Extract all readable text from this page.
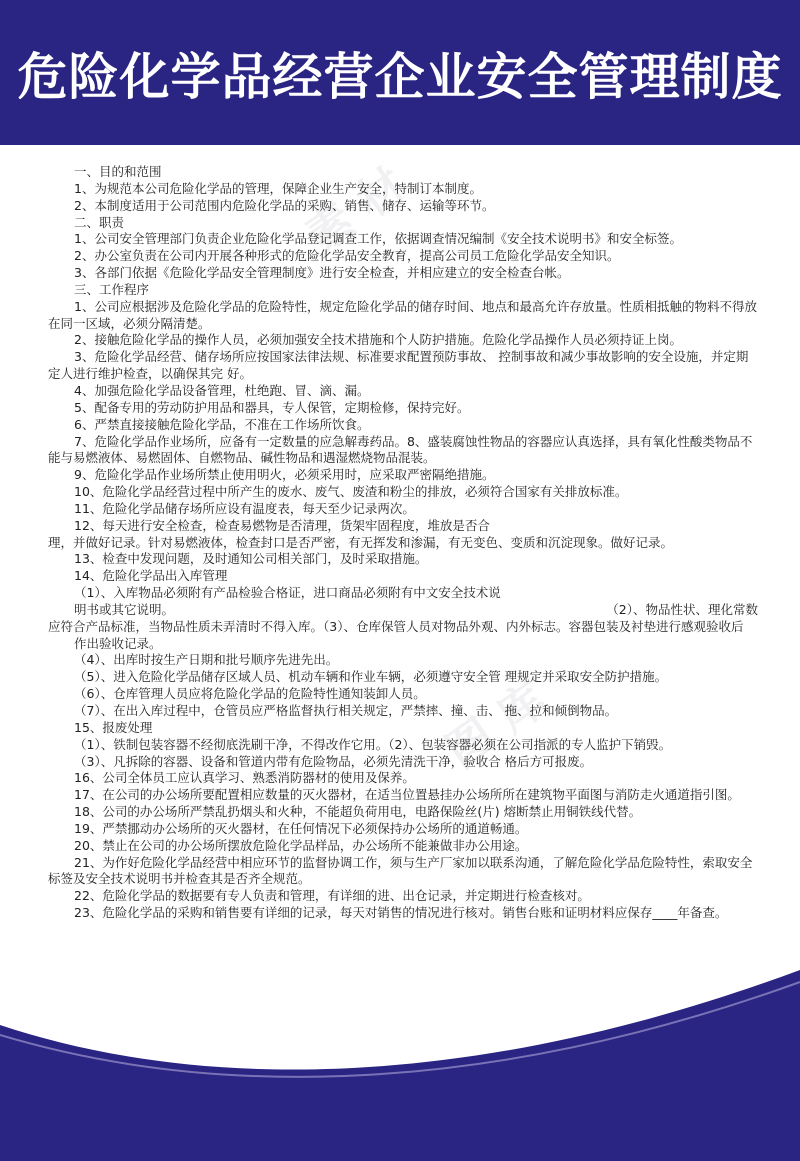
危险化学品经营企业安全管理制度
素 材
图 库

一、目的和范围

1、为规范本公司危险化学品的管理，保障企业生产安全，特制订本制度。

2、本制度适用于公司范围内危险化学品的采购、销售、储存、运输等环节。

二、职责

1、公司安全管理部门负责企业危险化学品登记调查工作，依据调查情况编制《安全技术说明书》和安全标签。

2、办公室负责在公司内开展各种形式的危险化学品安全教育，提高公司员工危险化学品安全知识。

3、各部门依据《危险化学品安全管理制度》进行安全检查，并相应建立的安全检查台帐。

三、工作程序

1、公司应根据涉及危险化学品的危险特性，规定危险化学品的储存时间、地点和最高允许存放量。性质相抵触的物料不得放在同一区域，必须分隔清楚。

2、接触危险化学品的操作人员，必须加强安全技术措施和个人防护措施。危险化学品操作人员必须持证上岗。

3、危险化学品经营、储存场所应按国家法律法规、标准要求配置预防事故、 控制事故和减少事故影响的安全设施，并定期定人进行维护检查，以确保其完 好。

4、加强危险化学品设备管理，杜绝跑、冒、滴、漏。

5、配备专用的劳动防护用品和器具，专人保管，定期检修，保持完好。

6、严禁直接接触危险化学品，不准在工作场所饮食。

7、危险化学品作业场所，应备有一定数量的应急解毒药品。8、盛装腐蚀性物品的容器应认真选择，具有氧化性酸类物品不能与易燃液体、易燃固体、自燃物品、碱性物品和遇湿燃烧物品混装。

9、危险化学品作业场所禁止使用明火，必须采用时，应采取严密隔绝措施。

10、危险化学品经营过程中所产生的废水、废气、废渣和粉尘的排放，必须符合国家有关排放标准。

11、危险化学品储存场所应设有温度表，每天至少记录两次。

12、每天进行安全检查，检查易燃物是否清理，货架牢固程度，堆放是否合

理，并做好记录。针对易燃液体，检查封口是否严密，有无挥发和渗漏，有无变色、变质和沉淀现象。做好记录。

13、检查中发现问题，及时通知公司相关部门，及时采取措施。

14、危险化学品出入库管理

（1）、入库物品必须附有产品检验合格证，进口商品必须附有中文安全技术说

明书或其它说明。	（2）、物品性状、理化常数

应符合产品标准，当物品性质未弄清时不得入库。（3）、仓库保管人员对物品外观、内外标志。容器包装及衬垫进行感观验收后

作出验收记录。

（4）、出库时按生产日期和批号顺序先进先出。

（5）、进入危险化学品储存区域人员、机动车辆和作业车辆，必须遵守安全管 理规定并采取安全防护措施。

（6）、仓库管理人员应将危险化学品的危险特性通知装卸人员。

（7）、在出入库过程中，仓管员应严格监督执行相关规定，严禁摔、撞、击、 拖、拉和倾倒物品。

15、报废处理

（1）、铁制包装容器不经彻底洗刷干净，不得改作它用。（2）、包装容器必须在公司指派的专人监护下销毁。

（3）、凡拆除的容器、设备和管道内带有危险物品，必须先清洗干净，验收合 格后方可报废。

16、公司全体员工应认真学习、熟悉消防器材的使用及保养。

17、在公司的办公场所要配置相应数量的灭火器材，在适当位置悬挂办公场所所在建筑物平面图与消防走火通道指引图。

18、公司的办公场所严禁乱扔烟头和火种，不能超负荷用电，电路保险丝(片) 熔断禁止用铜铁线代替。

19、严禁挪动办公场所的灭火器材，在任何情况下必须保持办公场所的通道畅通。

20、禁止在公司的办公场所摆放危险化学品样品，办公场所不能兼做非办公用途。

21、为作好危险化学品经营中相应环节的监督协调工作，须与生产厂家加以联系沟通，了解危险化学品危险特性，索取安全标签及安全技术说明书并检查其是否齐全规范。

22、危险化学品的数据要有专人负责和管理，有详细的进、出仓记录，并定期进行检查核对。

23、危险化学品的采购和销售要有详细的记录，每天对销售的情况进行核对。销售台账和证明材料应保存____年备查。
